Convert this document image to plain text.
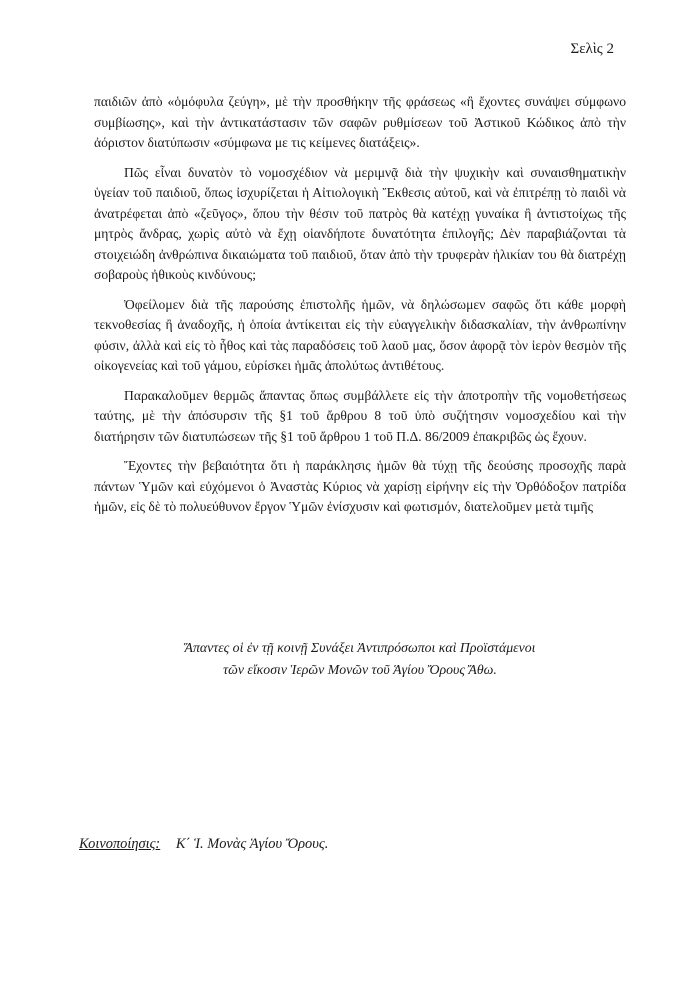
Σελὶς 2

παιδιῶν ἀπὸ «ὁμόφυλα ζεύγη», μὲ τὴν προσθήκην τῆς φράσεως «ἢ ἔχοντες συνάψει σύμφωνο συμβίωσης», καὶ τὴν ἀντικατάστασιν τῶν σαφῶν ρυθμίσεων τοῦ Ἀστικοῦ Κώδικος ἀπὸ τὴν ἀόριστον διατύπωσιν «σύμφωνα με τις κείμενες διατάξεις».

Πῶς εἶναι δυνατὸν τὸ νομοσχέδιον νὰ μεριμνᾷ διὰ τὴν ψυχικὴν καὶ συναισθηματικὴν ὑγείαν τοῦ παιδιοῦ, ὅπως ἰσχυρίζεται ἡ Αἰτιολογικὴ Ἔκθεσις αὐτοῦ, καὶ νὰ ἐπιτρέπῃ τὸ παιδὶ νὰ ἀνατρέφεται ἀπὸ «ζεῦγος», ὅπου τὴν θέσιν τοῦ πατρὸς θὰ κατέχῃ γυναίκα ἢ ἀντιστοίχως τῆς μητρὸς ἄνδρας, χωρὶς αὐτὸ νὰ ἔχῃ οἱανδήποτε δυνατότητα ἐπιλογῆς; Δὲν παραβιάζονται τὰ στοιχειώδη ἀνθρώπινα δικαιώματα τοῦ παιδιοῦ, ὅταν ἀπὸ τὴν τρυφερὰν ἡλικίαν του θὰ διατρέχῃ σοβαροὺς ἠθικοὺς κινδύνους;

Ὀφείλομεν διὰ τῆς παρούσης ἐπιστολῆς ἡμῶν, νὰ δηλώσωμεν σαφῶς ὅτι κάθε μορφὴ τεκνοθεσίας ἢ ἀναδοχῆς, ἡ ὁποία ἀντίκειται εἰς τὴν εὐαγγελικὴν διδασκαλίαν, τὴν ἀνθρωπίνην φύσιν, ἀλλὰ καὶ εἰς τὸ ἦθος καὶ τὰς παραδόσεις τοῦ λαοῦ μας, ὅσον ἀφορᾷ τὸν ἱερὸν θεσμὸν τῆς οἰκογενείας καὶ τοῦ γάμου, εὑρίσκει ἡμᾶς ἀπολύτως ἀντιθέτους.

Παρακαλοῦμεν θερμῶς ἅπαντας ὅπως συμβάλλετε εἰς τὴν ἀποτροπὴν τῆς νομοθετήσεως ταύτης, μὲ τὴν ἀπόσυρσιν τῆς §1 τοῦ ἄρθρου 8 τοῦ ὑπὸ συζήτησιν νομοσχεδίου καὶ τὴν διατήρησιν τῶν διατυπώσεων τῆς §1 τοῦ ἄρθρου 1 τοῦ Π.Δ. 86/2009 ἐπακριβῶς ὡς ἔχουν.

Ἔχοντες τὴν βεβαιότητα ὅτι ἡ παράκλησις ἡμῶν θὰ τύχῃ τῆς δεούσης προσοχῆς παρὰ πάντων Ὑμῶν καὶ εὐχόμενοι ὁ Ἀναστὰς Κύριος νὰ χαρίσῃ εἰρήνην εἰς τὴν Ὀρθόδοξον πατρίδα ἡμῶν, εἰς δὲ τὸ πολυεύθυνον ἔργον Ὑμῶν ἐνίσχυσιν καὶ φωτισμόν, διατελοῦμεν μετὰ τιμῆς

Ἅπαντες οἱ ἐν τῇ κοινῇ Συνάξει Ἀντιπρόσωποι καὶ Προϊστάμενοι
τῶν εἴκοσιν Ἱερῶν Μονῶν τοῦ Ἁγίου Ὄρους Ἄθω.
Κοινοποίησις: Κ΄ Ἱ. Μονὰς Ἁγίου Ὄρους.
